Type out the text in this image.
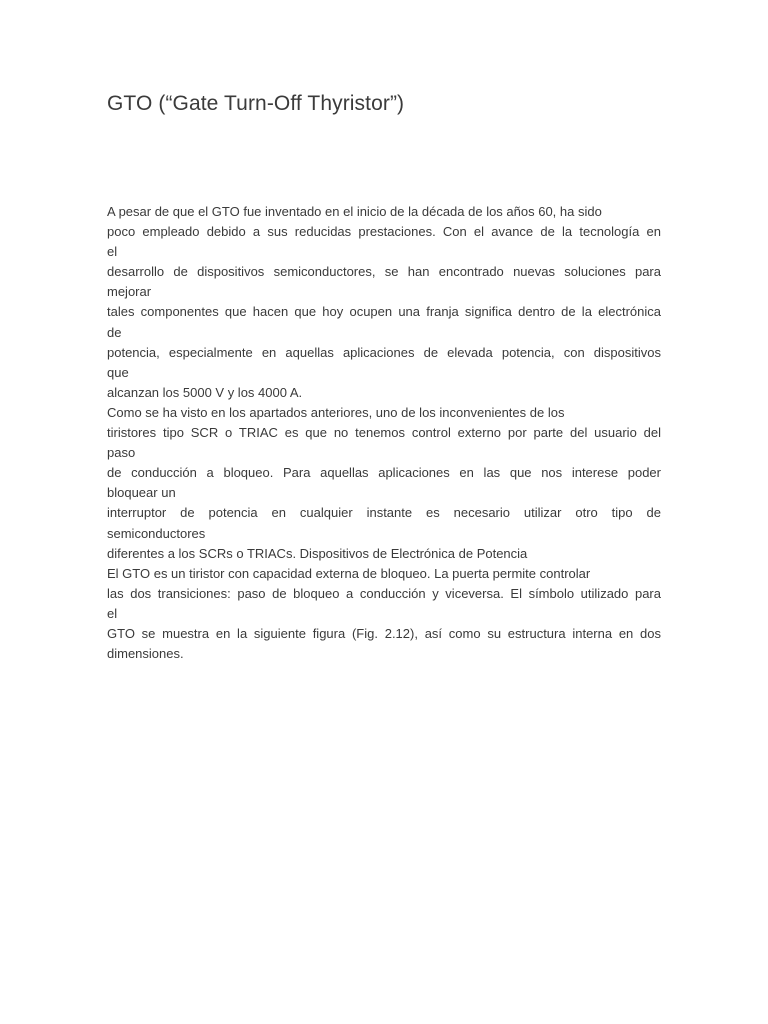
GTO (“Gate Turn-Off Thyristor”)
A pesar de que el GTO fue inventado en el inicio de la década de los años 60, ha sido
poco empleado debido a sus reducidas prestaciones. Con el avance de la tecnología en
el
desarrollo de dispositivos semiconductores, se han encontrado nuevas soluciones para
mejorar
tales componentes que hacen que hoy ocupen una franja significa dentro de la electrónica
de
potencia, especialmente en aquellas aplicaciones de elevada potencia, con dispositivos
que
alcanzan los 5000 V y los 4000 A.
Como se ha visto en los apartados anteriores, uno de los inconvenientes de los
tiristores tipo SCR o TRIAC es que no tenemos control externo por parte del usuario del
paso
de conducción a bloqueo. Para aquellas aplicaciones en las que nos interese poder
bloquear un
interruptor de potencia en cualquier instante es necesario utilizar otro tipo de
semiconductores
diferentes a los SCRs o TRIACs. Dispositivos de Electrónica de Potencia
El GTO es un tiristor con capacidad externa de bloqueo. La puerta permite controlar
las dos transiciones: paso de bloqueo a conducción y viceversa. El símbolo utilizado para
el
GTO se muestra en la siguiente figura (Fig. 2.12), así como su estructura interna en dos
dimensiones.
